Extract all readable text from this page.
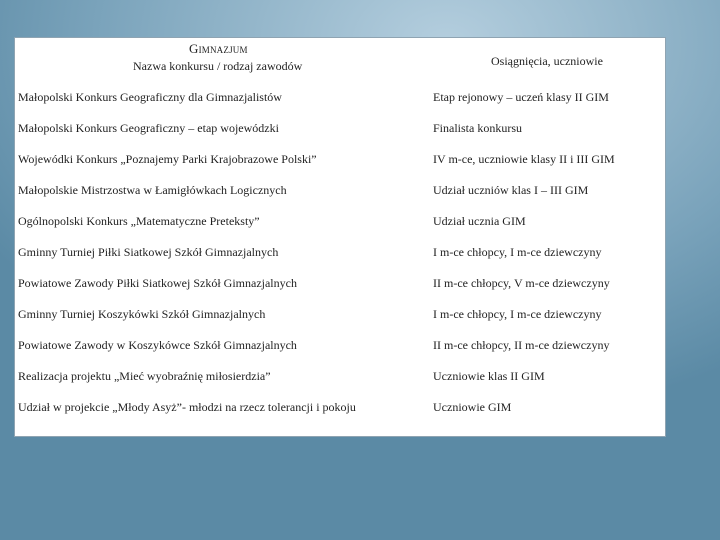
Gimnazjum
Nazwa konkursu / rodzaj zawodów	Osiągnięcia, uczniowie
Małopolski Konkurs Geograficzny dla Gimnazjalistów	Etap rejonowy – uczeń klasy II GIM
Małopolski Konkurs Geograficzny – etap wojewódzki	Finalista konkursu
Wojewódki Konkurs „Poznajemy Parki Krajobrazowe Polski”	IV m-ce, uczniowie klasy II i III GIM
Małopolskie Mistrzostwa w Łamigłówkach Logicznych	Udział uczniów klas I – III GIM
Ogólnopolski Konkurs „Matematyczne Preteksty”	Udział ucznia GIM
Gminny Turniej Piłki Siatkowej Szkół Gimnazjalnych	I m-ce chłopcy, I m-ce dziewczyny
Powiatowe Zawody Piłki Siatkowej Szkół Gimnazjalnych	II m-ce chłopcy, V m-ce dziewczyny
Gminny Turniej Koszykówki Szkół Gimnazjalnych	I m-ce chłopcy, I m-ce dziewczyny
Powiatowe Zawody w Koszykówce Szkół Gimnazjalnych	II m-ce chłopcy, II m-ce dziewczyny
Realizacja projektu „Mieć wyobraźnię miłosierdzia”	Uczniowie klas II GIM
Udział w projekcie „Młody Asyż”- młodzi na rzecz tolerancji i pokoju	Uczniowie GIM
